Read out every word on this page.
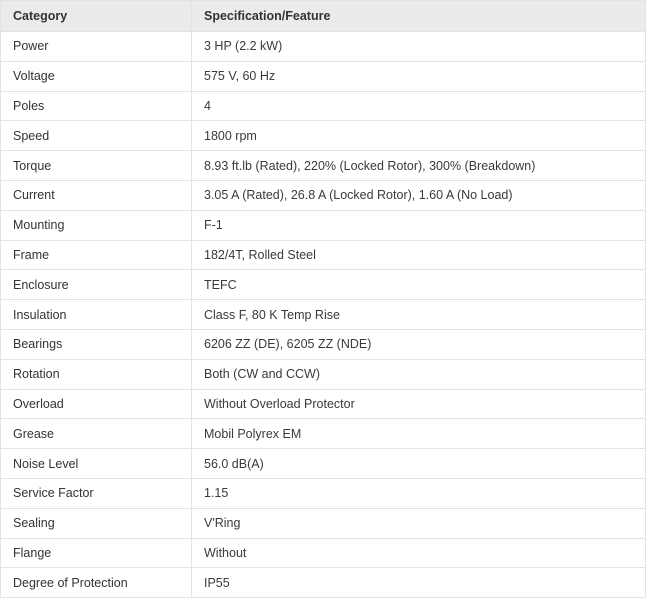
Category	Specification/Feature
Power	3 HP (2.2 kW)
Voltage	575 V, 60 Hz
Poles	4
Speed	1800 rpm
Torque	8.93 ft.lb (Rated), 220% (Locked Rotor), 300% (Breakdown)
Current	3.05 A (Rated), 26.8 A (Locked Rotor), 1.60 A (No Load)
Mounting	F-1
Frame	182/4T, Rolled Steel
Enclosure	TEFC
Insulation	Class F, 80 K Temp Rise
Bearings	6206 ZZ (DE), 6205 ZZ (NDE)
Rotation	Both (CW and CCW)
Overload	Without Overload Protector
Grease	Mobil Polyrex EM
Noise Level	56.0 dB(A)
Service Factor	1.15
Sealing	V'Ring
Flange	Without
Degree of Protection	IP55
